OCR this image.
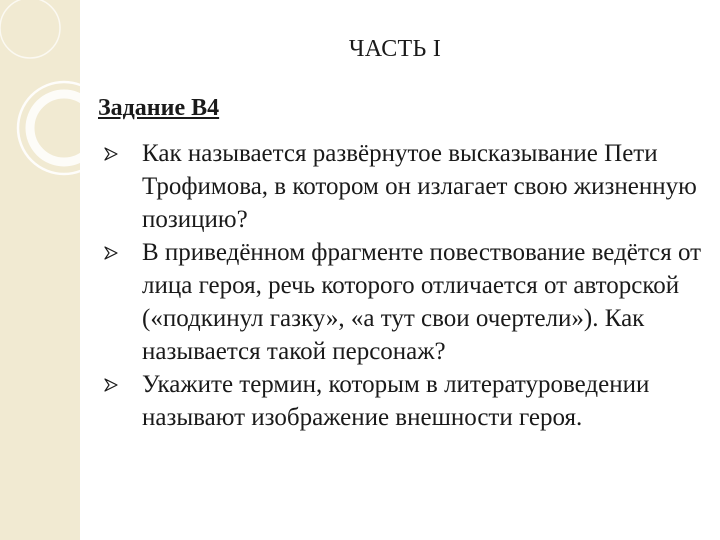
ЧАСТЬ I
Задание В4
Как называется развёрнутое высказывание Пети Трофимова, в котором он излагает свою жизненную позицию?
В приведённом фрагменте повествование ведётся от лица героя, речь которого отличается от авторской («подкинул газку», «а тут свои очертели»). Как называется такой персонаж?
Укажите термин, которым в литературоведении называют изображение внешности героя.
